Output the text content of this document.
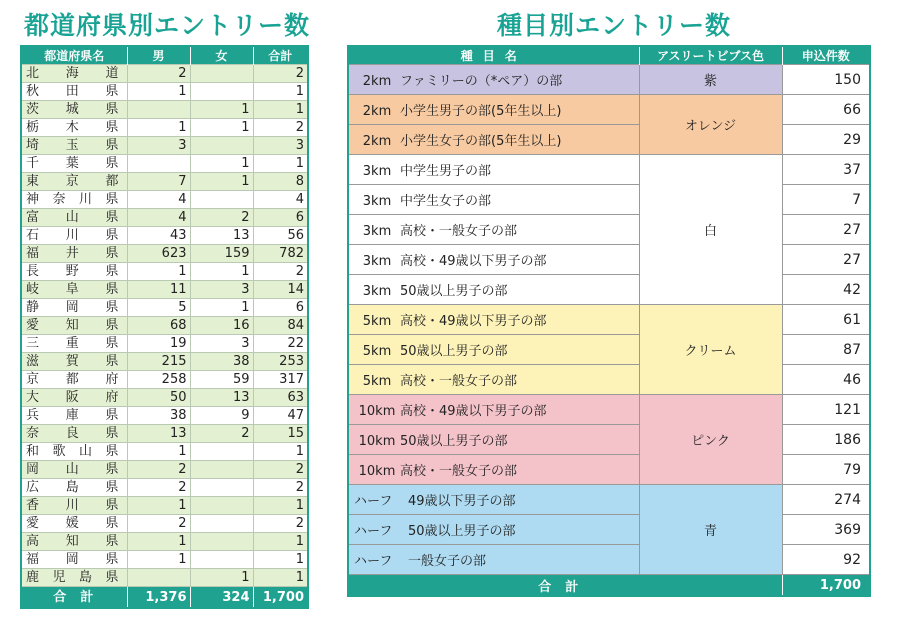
都道府県別エントリー数	種目別エントリー数
都道府県名	男	女	合計
北海道	2		2
秋田県	1		1
茨城県		1	1
栃木県	1	1	2
埼玉県	3		3
千葉県		1	1
東京都	7	1	8
神奈川県	4		4
富山県	4	2	6
石川県	43	13	56
福井県	623	159	782
長野県	1	1	2
岐阜県	11	3	14
静岡県	5	1	6
愛知県	68	16	84
三重県	19	3	22
滋賀県	215	38	253
京都府	258	59	317
大阪府	50	13	63
兵庫県	38	9	47
奈良県	13	2	15
和歌山県	1		1
岡山県	2		2
広島県	2		2
香川県	1		1
愛媛県	2		2
高知県	1		1
福岡県	1		1
鹿児島県		1	1
合計	1,376	324	1,700
種目名	アスリートビブス色	申込件数
2km ファミリーの（*ペア）の部	紫	150
2km 小学生男子の部(5年生以上)	オレンジ	66
2km 小学生女子の部(5年生以上)		29
3km 中学生男子の部	白	37
3km 中学生女子の部		7
3km 高校・一般女子の部		27
3km 高校・49歳以下男子の部		27
3km 50歳以上男子の部		42
5km 高校・49歳以下男子の部	クリーム	61
5km 50歳以上男子の部		87
5km 高校・一般女子の部		46
10km 高校・49歳以下男子の部	ピンク	121
10km 50歳以上男子の部		186
10km 高校・一般女子の部		79
ハーフ 49歳以下男子の部	青	274
ハーフ 50歳以上男子の部		369
ハーフ 一般女子の部		92
合計		1,700
